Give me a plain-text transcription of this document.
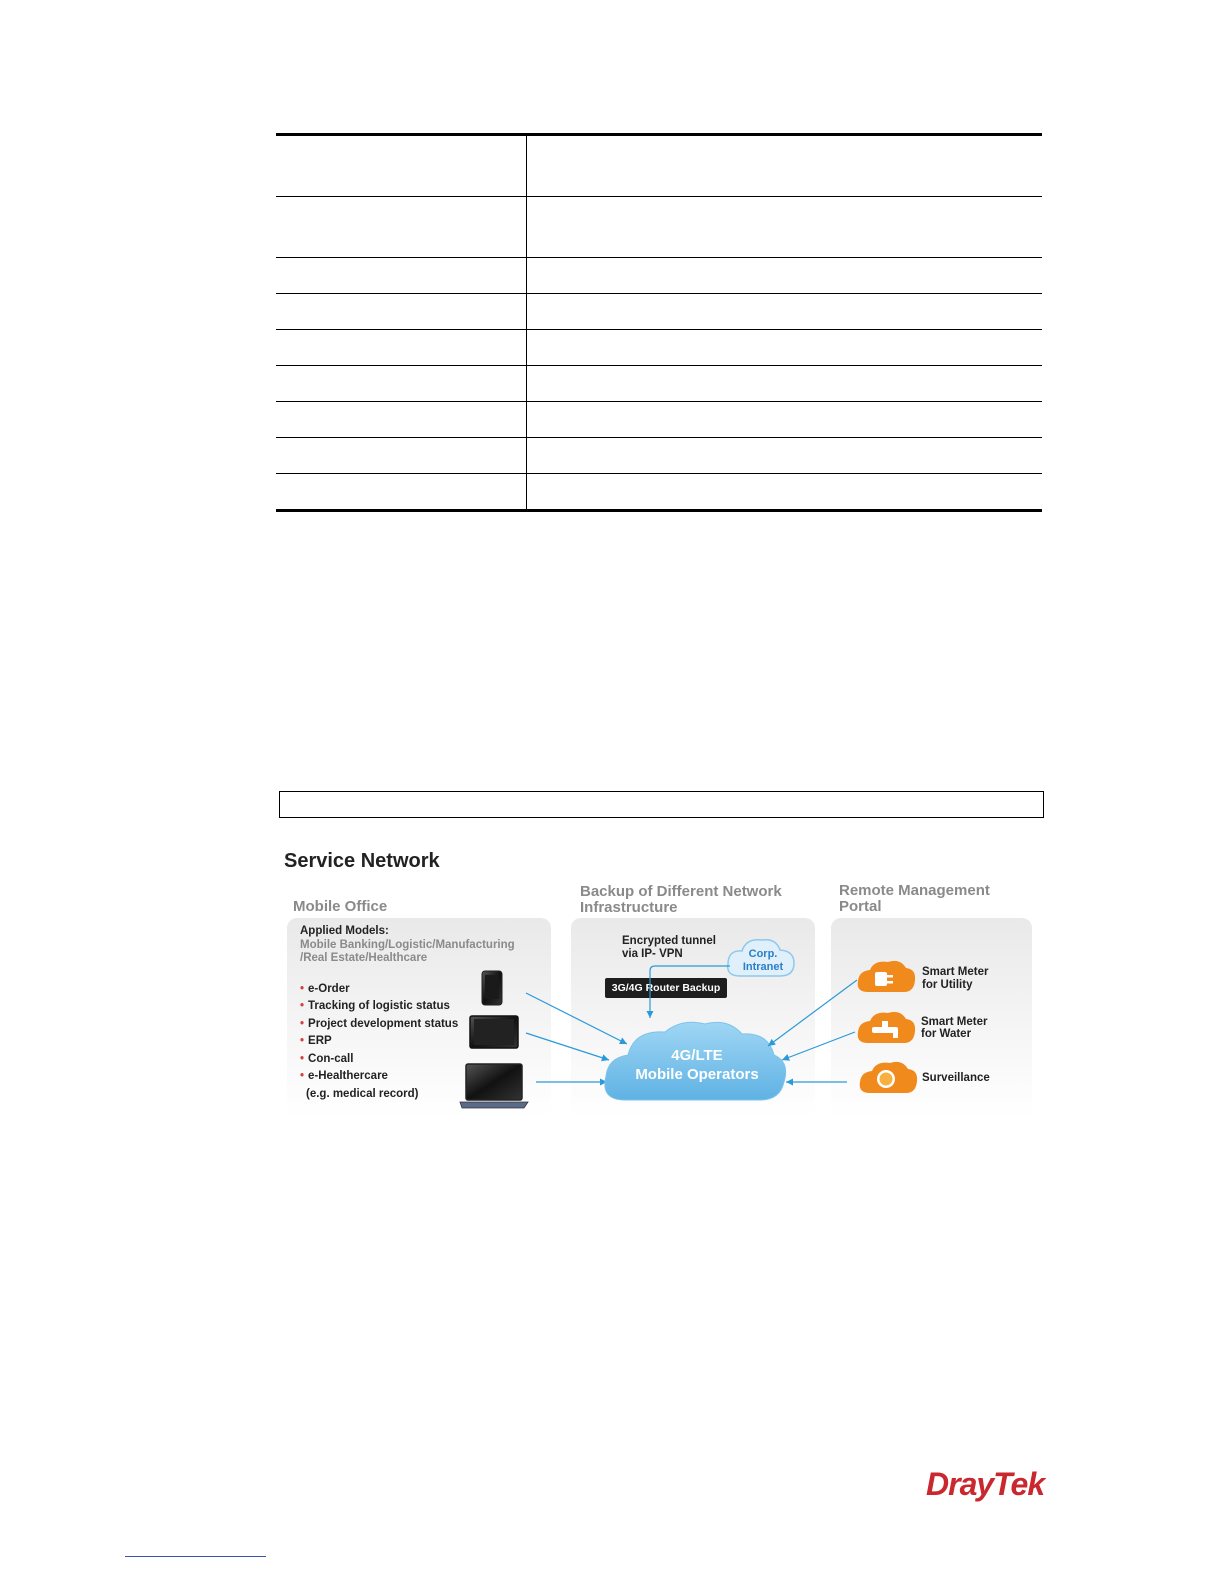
Service Network
Mobile Office
Backup of Different Network
Infrastructure
Remote Management
Portal
Applied Models:
Mobile Banking/Logistic/Manufacturing
/Real Estate/Healthcare
• e-Order
• Tracking of logistic status
• Project development status
• ERP
• Con-call
• e-Healthercare
(e.g. medical record)
Encrypted tunnel
via IP- VPN
3G/4G Router Backup
Corp.
Intranet
4G/LTE
Mobile Operators
Smart Meter
for Utility
Smart Meter
for Water
Surveillance
DrayTek
